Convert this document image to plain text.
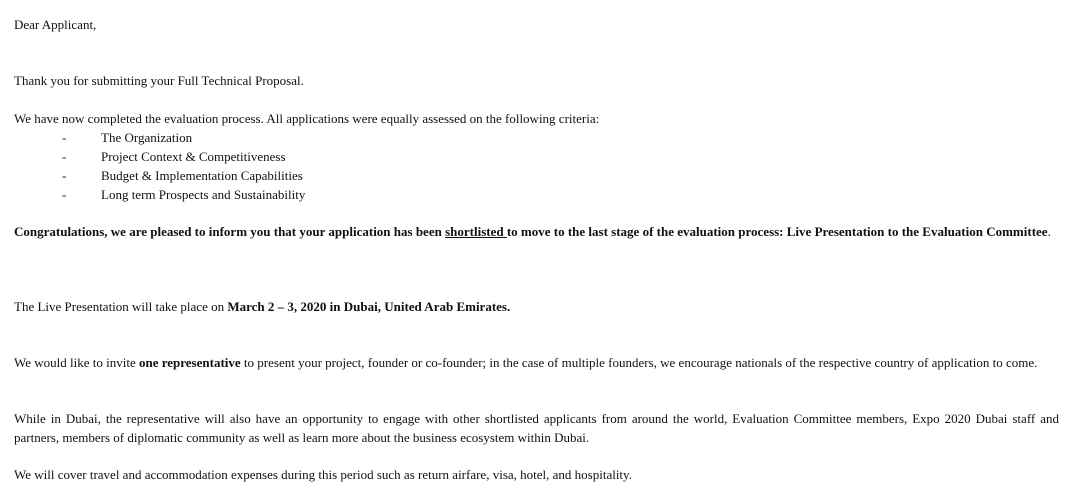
Dear Applicant,

Thank you for submitting your Full Technical Proposal.

We have now completed the evaluation process. All applications were equally assessed on the following criteria:

-	The Organization
-	Project Context & Competitiveness
-	Budget & Implementation Capabilities
-	Long term Prospects and Sustainability

Congratulations, we are pleased to inform you that your application has been shortlisted to move to the last stage of the evaluation process: Live Presentation to the Evaluation Committee.

The Live Presentation will take place on March 2 – 3, 2020 in Dubai, United Arab Emirates.

We would like to invite one representative to present your project, founder or co-founder; in the case of multiple founders, we encourage nationals of the respective country of application to come.

While in Dubai, the representative will also have an opportunity to engage with other shortlisted applicants from around the world, Evaluation Committee members, Expo 2020 Dubai staff and partners, members of diplomatic community as well as learn more about the business ecosystem within Dubai.

We will cover travel and accommodation expenses during this period such as return airfare, visa, hotel, and hospitality.
